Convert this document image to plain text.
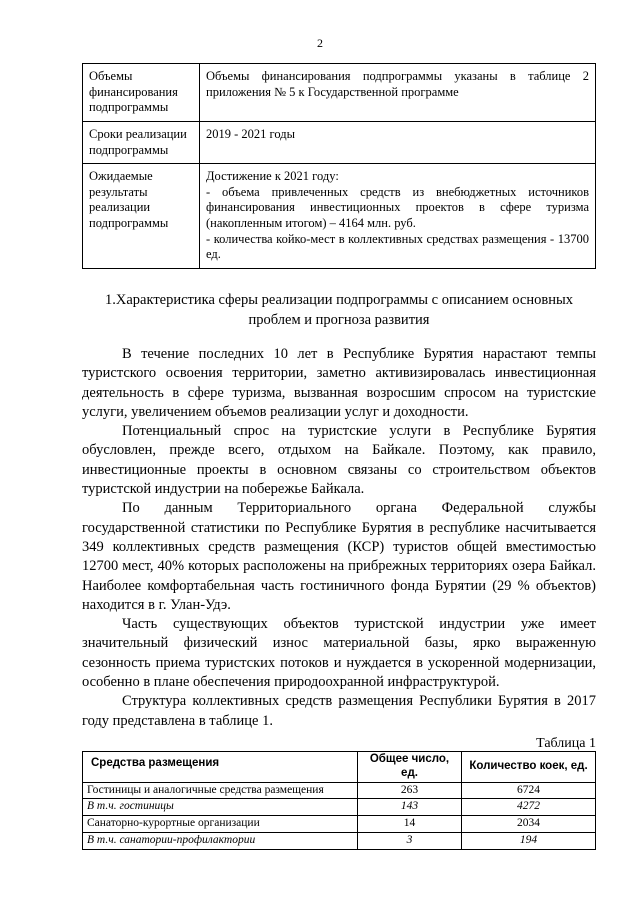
2
Объемы финансирования подпрограммы	Объемы финансирования подпрограммы указаны в таблице 2 приложения № 5 к Государственной программе

Сроки реализации подпрограммы	2019 - 2021 годы

Ожидаемые результаты реализации подпрограммы	Достижение к 2021 году:
- объема привлеченных средств из внебюджетных источников финансирования инвестиционных проектов в сфере туризма (накопленным итогом) – 4164 млн. руб.
- количества койко-мест в коллективных средствах размещения - 13700 ед.
1.Характеристика сферы реализации подпрограммы с описанием основных проблем и прогноза развития

В течение последних 10 лет в Республике Бурятия нарастают темпы туристского освоения территории, заметно активизировалась инвестиционная деятельность в сфере туризма, вызванная возросшим спросом на туристские услуги, увеличением объемов реализации услуг и доходности.

Потенциальный спрос на туристские услуги в Республике Бурятия обусловлен, прежде всего, отдыхом на Байкале. Поэтому, как правило, инвестиционные проекты в основном связаны со строительством объектов туристской индустрии на побережье Байкала.

По данным Территориального органа Федеральной службы государственной статистики по Республике Бурятия в республике насчитывается 349 коллективных средств размещения (КСР) туристов общей вместимостью 12700 мест, 40% которых расположены на прибрежных территориях озера Байкал. Наиболее комфортабельная часть гостиничного фонда Бурятии (29 % объектов) находится в г. Улан-Удэ.

Часть существующих объектов туристской индустрии уже имеет значительный физический износ материальной базы, ярко выраженную сезонность приема туристских потоков и нуждается в ускоренной модернизации, особенно в плане обеспечения природоохранной инфраструктурой.

Структура коллективных средств размещения Республики Бурятия в 2017 году представлена в таблице 1.

Таблица 1
Средства размещения	Общее число, ед.	Количество коек, ед.
Гостиницы и аналогичные средства размещения	263	6724
В т.ч. гостиницы	143	4272
Санаторно-курортные организации	14	2034
В т.ч. санатории-профилактории	3	194
